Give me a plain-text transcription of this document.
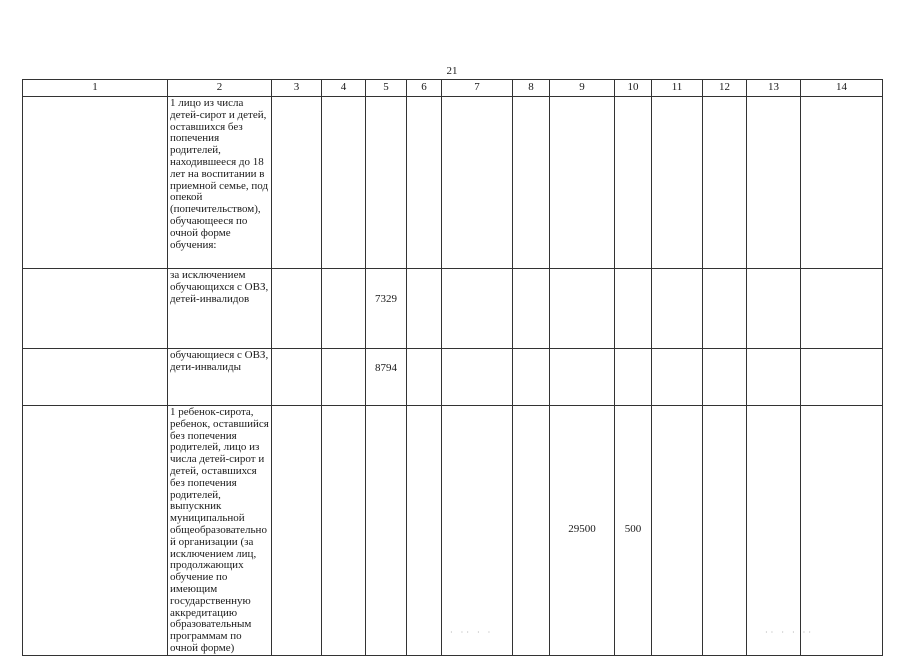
21
1	2	3	4	5	6	7	8	9	10	11	12	13	14
	1 лицо из числа детей-сирот и детей, оставшихся без попечения родителей, находившееся до 18 лет на воспитании в приемной семье, под опекой (попечительством), обучающееся по очной форме обучения:												
	за исключением обучающихся с ОВЗ, детей-инвалидов			7329									
	обучающиеся с ОВЗ, дети-инвалиды			8794									
	1 ребенок-сирота, ребенок, оставшийся без попечения родителей, лицо из числа детей-сирот и детей, оставшихся без попечения родителей, выпускник муниципальной общеобразовательной организации (за исключением лиц, продолжающих обучение по имеющим государственную аккредитацию образовательным программам по очной форме)							29500	500				
· ·· · ·	·· · · ··
